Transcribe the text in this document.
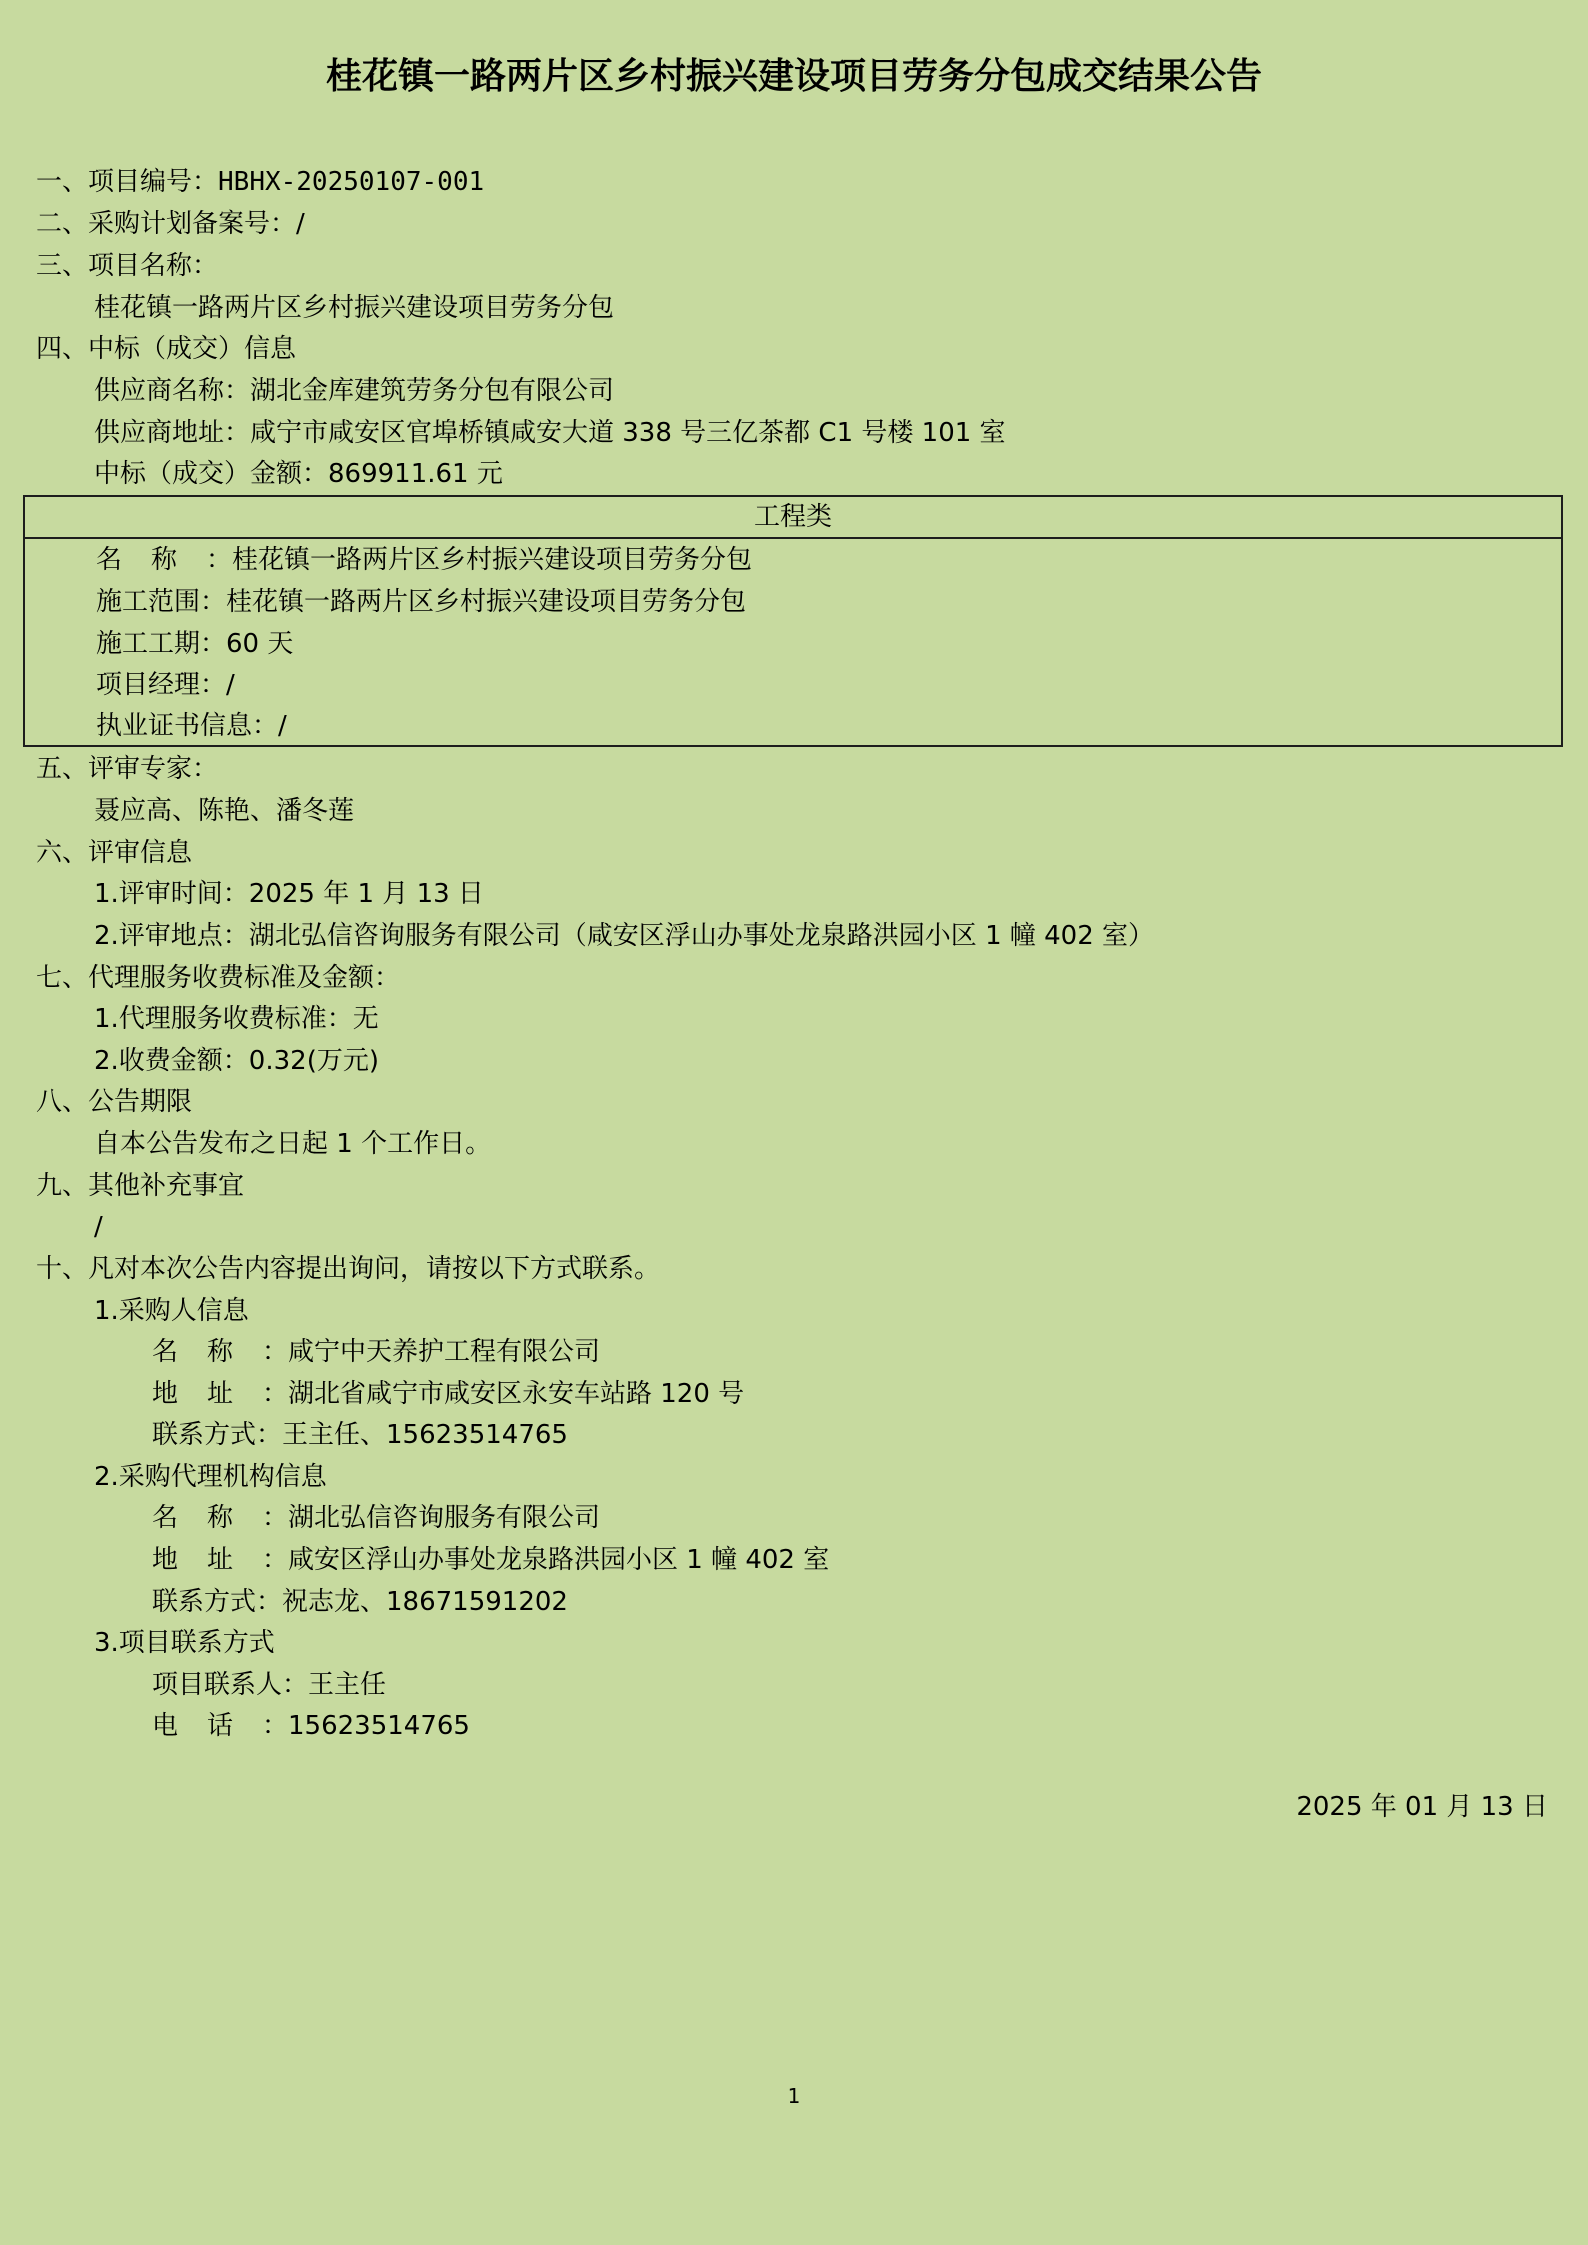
桂花镇一路两片区乡村振兴建设项目劳务分包成交结果公告
一、项目编号：HBHX-20250107-001
二、采购计划备案号：/
三、项目名称：
桂花镇一路两片区乡村振兴建设项目劳务分包
四、中标（成交）信息
供应商名称：湖北金库建筑劳务分包有限公司
供应商地址：咸宁市咸安区官埠桥镇咸安大道 338 号三亿茶都 C1 号楼 101 室
中标（成交）金额：869911.61 元
工程类
名称：桂花镇一路两片区乡村振兴建设项目劳务分包
施工范围：桂花镇一路两片区乡村振兴建设项目劳务分包
施工工期：60 天
项目经理：/
执业证书信息：/
五、评审专家：
聂应高、陈艳、潘冬莲
六、评审信息
1.评审时间：2025 年 1 月 13 日
2.评审地点：湖北弘信咨询服务有限公司（咸安区浮山办事处龙泉路洪园小区 1 幢 402 室）
七、代理服务收费标准及金额：
1.代理服务收费标准：无
2.收费金额：0.32(万元)
八、公告期限
自本公告发布之日起 1 个工作日。
九、其他补充事宜
/
十、凡对本次公告内容提出询问，请按以下方式联系。
1.采购人信息
名称：咸宁中天养护工程有限公司
地址：湖北省咸宁市咸安区永安车站路 120 号
联系方式：王主任、15623514765
2.采购代理机构信息
名称：湖北弘信咨询服务有限公司
地址：咸安区浮山办事处龙泉路洪园小区 1 幢 402 室
联系方式：祝志龙、18671591202
3.项目联系方式
项目联系人：王主任
电话：15623514765
2025 年 01 月 13 日
1
